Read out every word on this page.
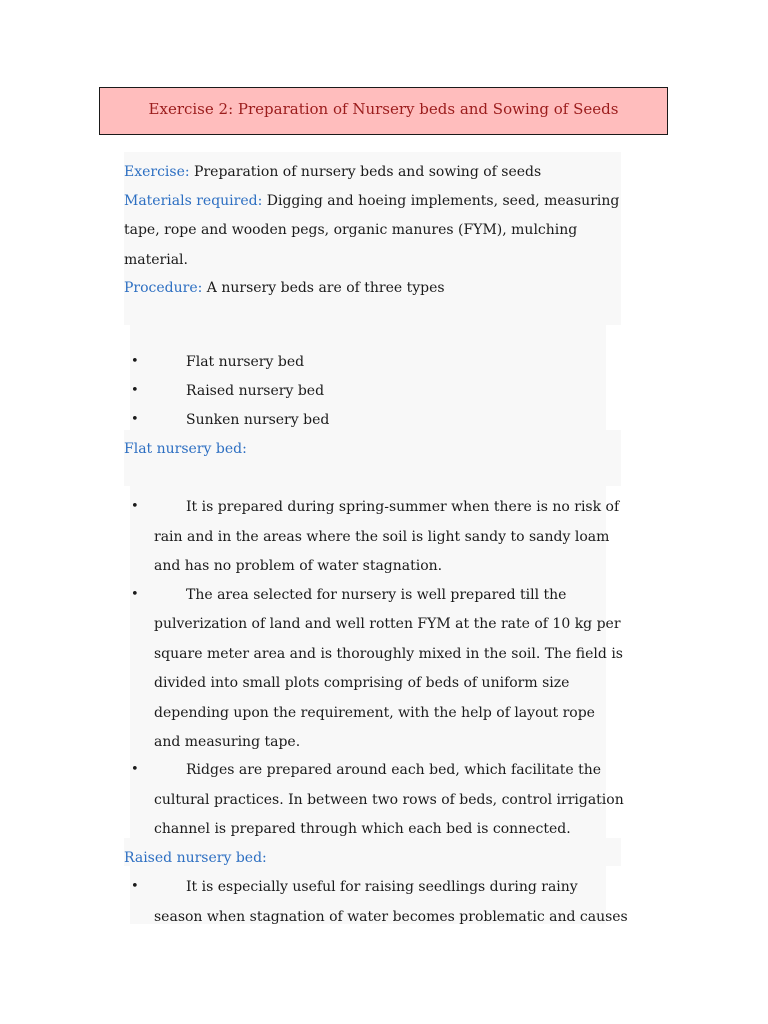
Exercise 2: Preparation of Nursery beds and Sowing of Seeds
Exercise: Preparation of nursery beds and sowing of seeds
Materials required: Digging and hoeing implements, seed, measuring
tape, rope and wooden pegs, organic manures (FYM), mulching
material.
Procedure: A nursery beds are of three types
•	Flat nursery bed
•	Raised nursery bed
•	Sunken nursery bed
Flat nursery bed:
•	It is prepared during spring-summer when there is no risk of
rain and in the areas where the soil is light sandy to sandy loam
and has no problem of water stagnation.
•	The area selected for nursery is well prepared till the
pulverization of land and well rotten FYM at the rate of 10 kg per
square meter area and is thoroughly mixed in the soil. The field is
divided into small plots comprising of beds of uniform size
depending upon the requirement, with the help of layout rope
and measuring tape.
•	Ridges are prepared around each bed, which facilitate the
cultural practices. In between two rows of beds, control irrigation
channel is prepared through which each bed is connected.
Raised nursery bed:
•	It is especially useful for raising seedlings during rainy
season when stagnation of water becomes problematic and causes
